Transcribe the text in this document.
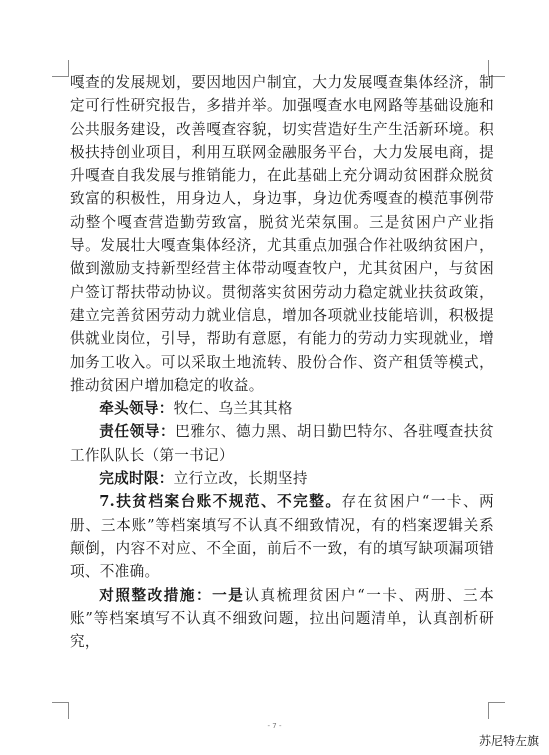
嘎查的发展规划，要因地因户制宜，大力发展嘎查集体经济，制定可行性研究报告，多措并举。加强嘎查水电网路等基础设施和公共服务建设，改善嘎查容貌，切实营造好生产生活新环境。积极扶持创业项目，利用互联网金融服务平台，大力发展电商，提升嘎查自我发展与推销能力，在此基础上充分调动贫困群众脱贫致富的积极性，用身边人，身边事，身边优秀嘎查的模范事例带动整个嘎查营造勤劳致富，脱贫光荣氛围。三是贫困户产业指导。发展壮大嘎查集体经济，尤其重点加强合作社吸纳贫困户，做到激励支持新型经营主体带动嘎查牧户，尤其贫困户，与贫困户签订帮扶带动协议。贯彻落实贫困劳动力稳定就业扶贫政策，建立完善贫困劳动力就业信息，增加各项就业技能培训，积极提供就业岗位，引导，帮助有意愿，有能力的劳动力实现就业，增加务工收入。可以采取土地流转、股份合作、资产租赁等模式，推动贫困户增加稳定的收益。

牵头领导：牧仁、乌兰其其格

责任领导：巴雅尔、德力黑、胡日勤巴特尔、各驻嘎查扶贫工作队队长（第一书记）

完成时限：立行立改，长期坚持

7.扶贫档案台账不规范、不完整。存在贫困户“一卡、两册、三本账”等档案填写不认真不细致情况，有的档案逻辑关系颠倒，内容不对应、不全面，前后不一致，有的填写缺项漏项错项、不准确。

对照整改措施：一是认真梳理贫困户“一卡、两册、三本账”等档案填写不认真不细致问题，拉出问题清单，认真剖析研究，

- 7 -
苏尼特左旗
